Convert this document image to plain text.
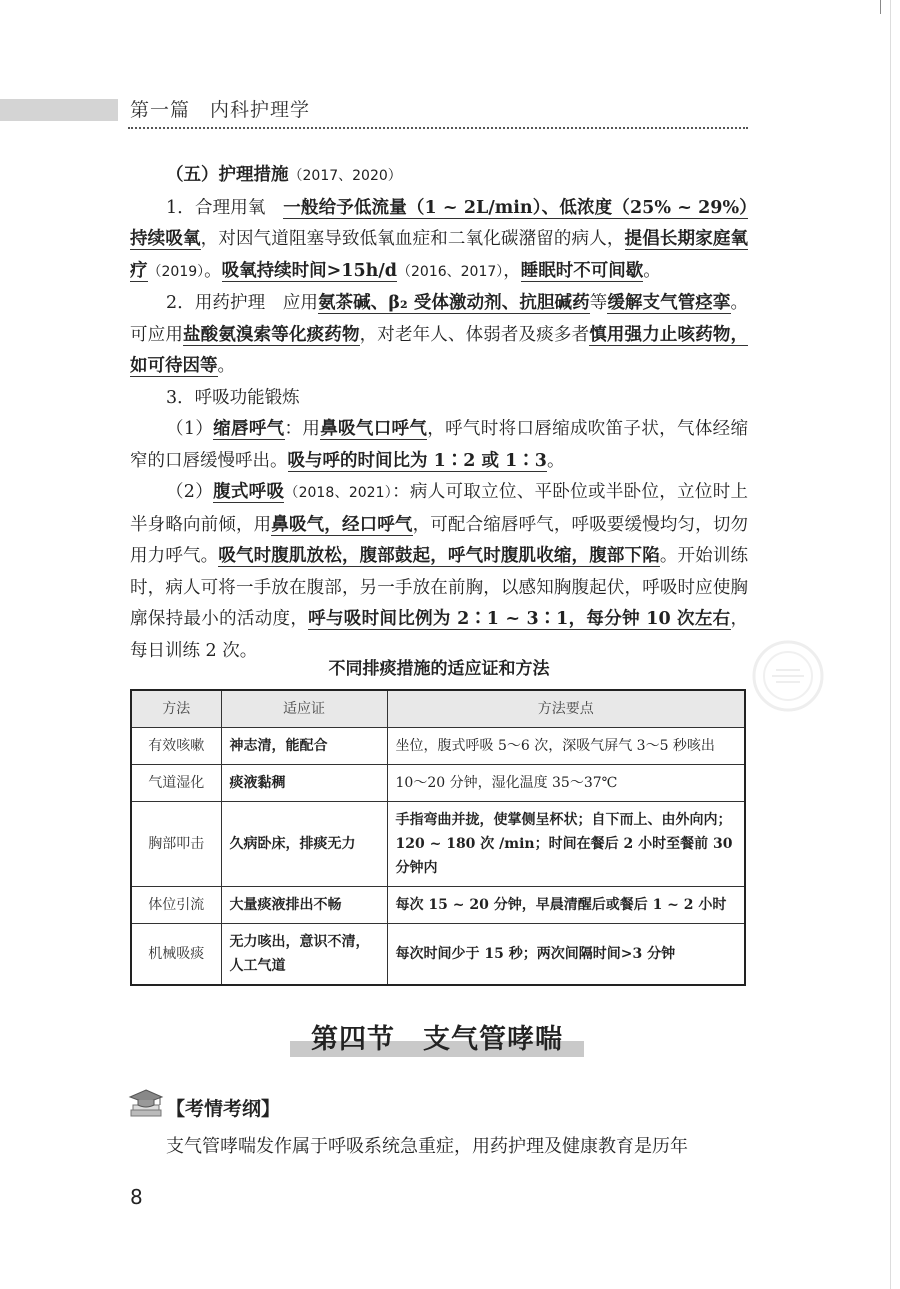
第一篇　内科护理学

（五）护理措施（2017、2020）

1．合理用氧　一般给予低流量（1 ~ 2L/min）、低浓度（25% ~ 29%）持续吸氧，对因气道阻塞导致低氧血症和二氧化碳潴留的病人，提倡长期家庭氧疗（2019）。吸氧持续时间>15h/d（2016、2017），睡眠时不可间歇。

2．用药护理　应用氨茶碱、β₂ 受体激动剂、抗胆碱药等缓解支气管痉挛。可应用盐酸氨溴索等化痰药物，对老年人、体弱者及痰多者慎用强力止咳药物，如可待因等。

3．呼吸功能锻炼

（1）缩唇呼气：用鼻吸气口呼气，呼气时将口唇缩成吹笛子状，气体经缩窄的口唇缓慢呼出。吸与呼的时间比为 1∶2 或 1∶3。

（2）腹式呼吸（2018、2021）：病人可取立位、平卧位或半卧位，立位时上半身略向前倾，用鼻吸气，经口呼气，可配合缩唇呼气，呼吸要缓慢均匀，切勿用力呼气。吸气时腹肌放松，腹部鼓起，呼气时腹肌收缩，腹部下陷。开始训练时，病人可将一手放在腹部，另一手放在前胸，以感知胸腹起伏，呼吸时应使胸廓保持最小的活动度，呼与吸时间比例为 2∶1 ~ 3∶1，每分钟 10 次左右，每日训练 2 次。

不同排痰措施的适应证和方法
方法	适应证	方法要点
有效咳嗽	神志清，能配合	坐位，腹式呼吸 5～6 次，深吸气屏气 3～5 秒咳出
气道湿化	痰液黏稠	10～20 分钟，湿化温度 35～37℃
胸部叩击	久病卧床，排痰无力	手指弯曲并拢，使掌侧呈杯状；自下而上、由外向内；120 ~ 180 次 /min；时间在餐后 2 小时至餐前 30 分钟内
体位引流	大量痰液排出不畅	每次 15 ~ 20 分钟，早晨清醒后或餐后 1 ~ 2 小时
机械吸痰	无力咳出，意识不清，人工气道	每次时间少于 15 秒；两次间隔时间>3 分钟
第四节　支气管哮喘
【考情考纲】

支气管哮喘发作属于呼吸系统急重症，用药护理及健康教育是历年

8
